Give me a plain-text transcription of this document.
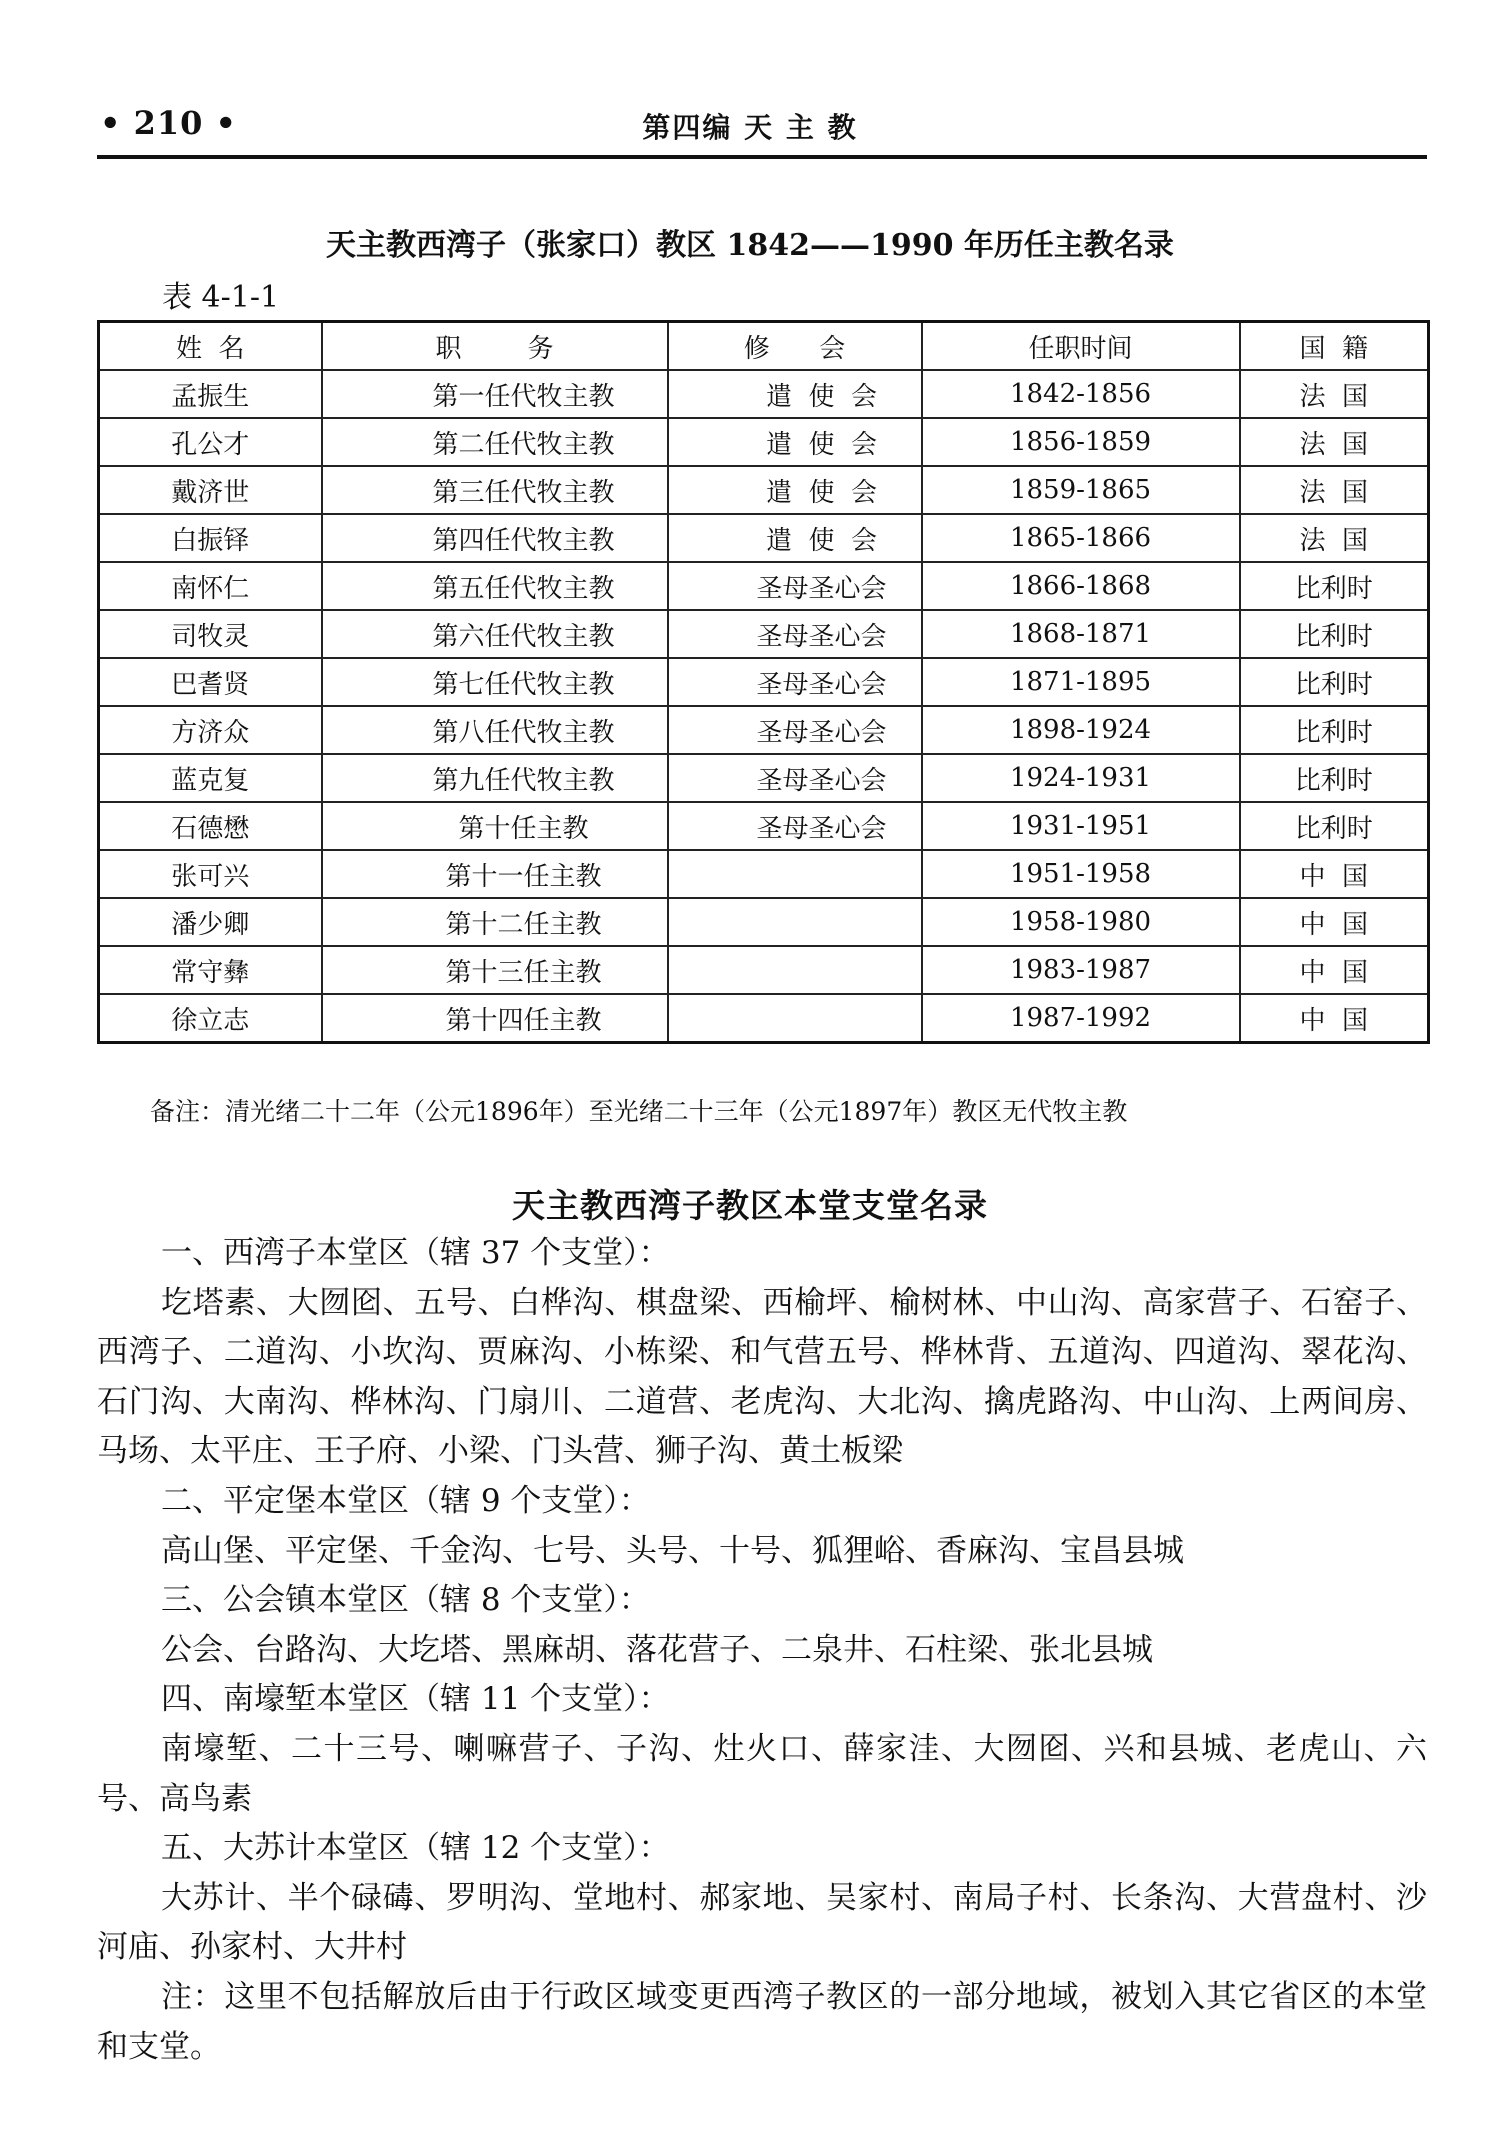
• 210 •	第四编 天 主 教
天主教西湾子（张家口）教区 1842——1990 年历任主教名录
表 4-1-1
姓  名	职        务	修      会	任职时间	国  籍
孟振生	第一任代牧主教	遣  使  会	1842-1856	法  国
孔公才	第二任代牧主教	遣  使  会	1856-1859	法  国
戴济世	第三任代牧主教	遣  使  会	1859-1865	法  国
白振铎	第四任代牧主教	遣  使  会	1865-1866	法  国
南怀仁	第五任代牧主教	圣母圣心会	1866-1868	比利时
司牧灵	第六任代牧主教	圣母圣心会	1868-1871	比利时
巴耆贤	第七任代牧主教	圣母圣心会	1871-1895	比利时
方济众	第八任代牧主教	圣母圣心会	1898-1924	比利时
蓝克复	第九任代牧主教	圣母圣心会	1924-1931	比利时
石德懋	第十任主教	圣母圣心会	1931-1951	比利时
张可兴	第十一任主教		1951-1958	中  国
潘少卿	第十二任主教		1958-1980	中  国
常守彝	第十三任主教		1983-1987	中  国
徐立志	第十四任主教		1987-1992	中  国
备注：清光绪二十二年（公元1896年）至光绪二十三年（公元1897年）教区无代牧主教
天主教西湾子教区本堂支堂名录

一、西湾子本堂区（辖 37 个支堂）：

圪塔素、大囫囵、五号、白桦沟、棋盘梁、西榆坪、榆树林、中山沟、高家营子、石窑子、西湾子、二道沟、小坎沟、贾麻沟、小栋梁、和气营五号、桦林背、五道沟、四道沟、翠花沟、石门沟、大南沟、桦林沟、门扇川、二道营、老虎沟、大北沟、擒虎路沟、中山沟、上两间房、马场、太平庄、王子府、小梁、门头营、狮子沟、黄土板梁

二、平定堡本堂区（辖 9 个支堂）：

高山堡、平定堡、千金沟、七号、头号、十号、狐狸峪、香麻沟、宝昌县城

三、公会镇本堂区（辖 8 个支堂）：

公会、台路沟、大圪塔、黑麻胡、落花营子、二泉井、石柱梁、张北县城

四、南壕堑本堂区（辖 11 个支堂）：

南壕堑、二十三号、喇嘛营子、子沟、灶火口、薛家洼、大囫囵、兴和县城、老虎山、六号、高鸟素

五、大苏计本堂区（辖 12 个支堂）：

大苏计、半个碌碡、罗明沟、堂地村、郝家地、吴家村、南局子村、长条沟、大营盘村、沙河庙、孙家村、大井村

注：这里不包括解放后由于行政区域变更西湾子教区的一部分地域，被划入其它省区的本堂和支堂。
